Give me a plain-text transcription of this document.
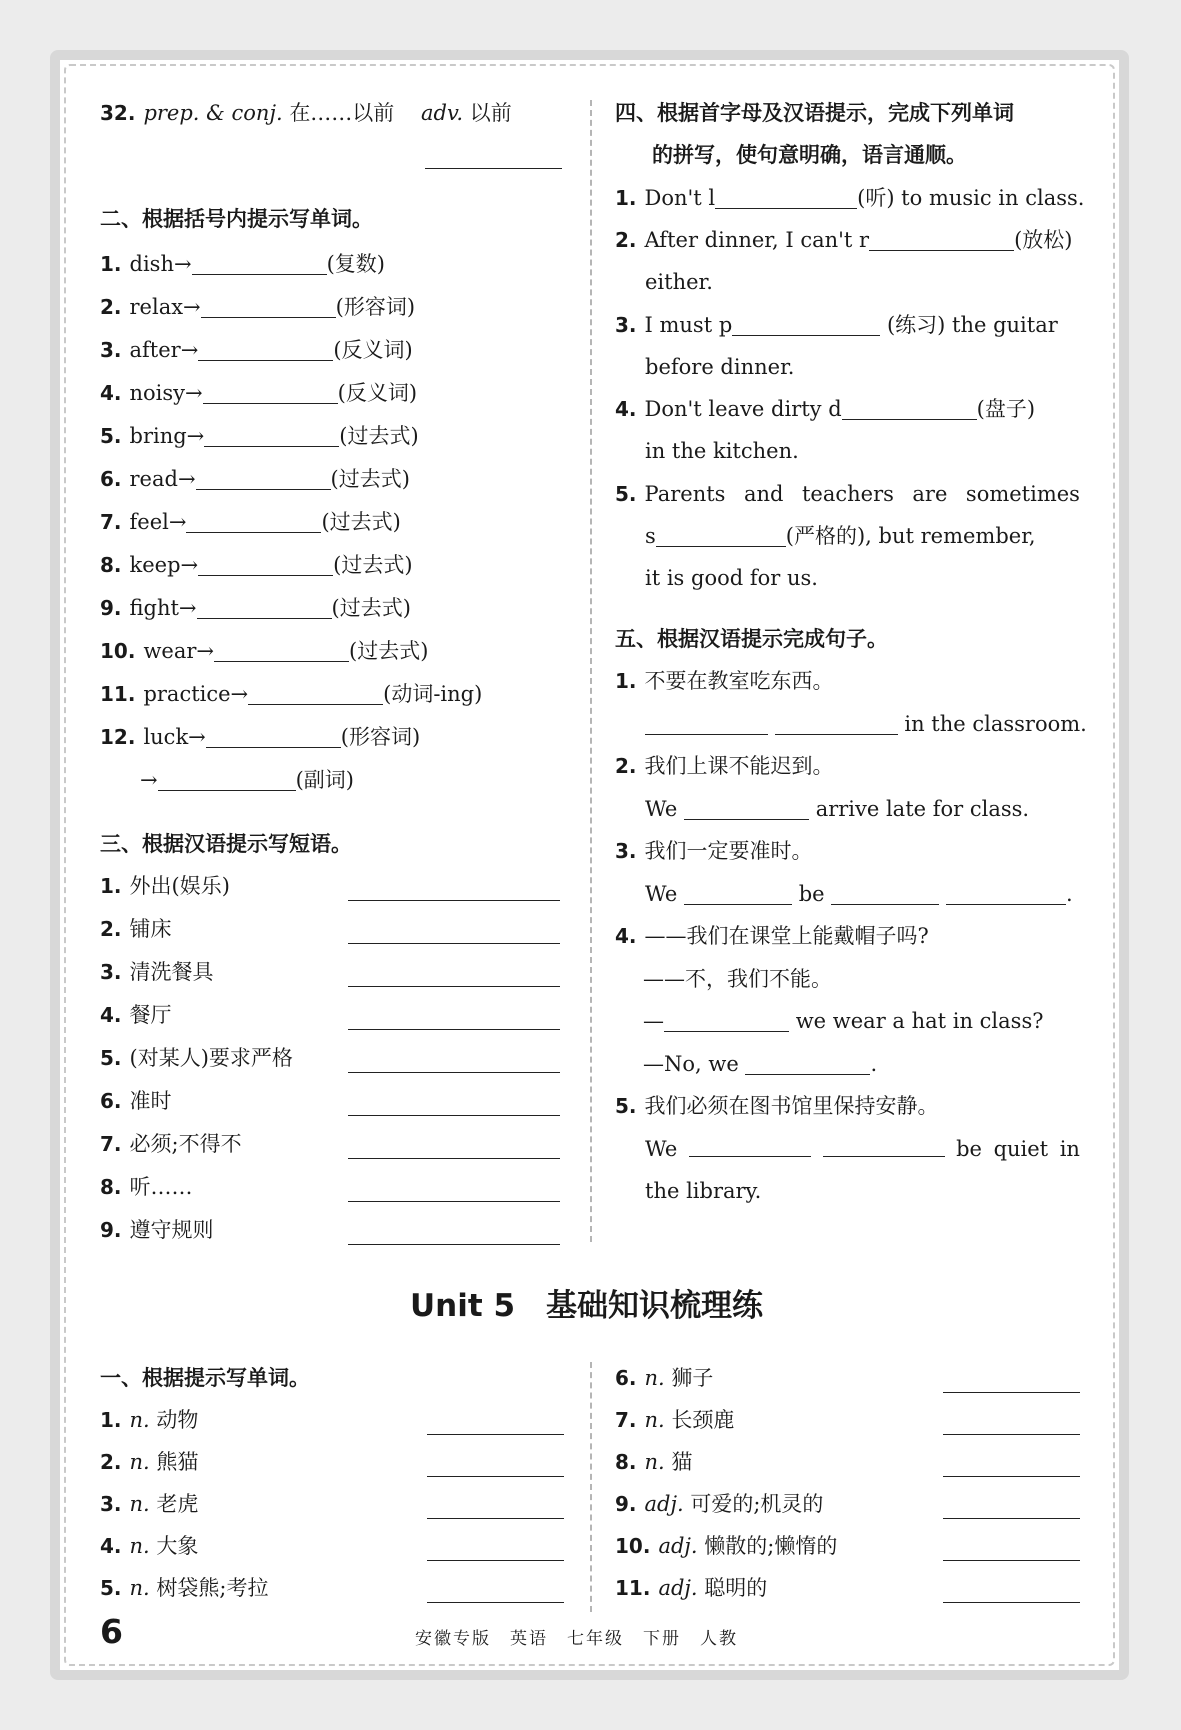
32. prep. & conj. 在……以前 adv. 以前
二、根据括号内提示写单词。
1. dish→	(复数)
2. relax→	(形容词)
3. after→	(反义词)
4. noisy→	(反义词)
5. bring→	(过去式)
6. read→	(过去式)
7. feel→	(过去式)
8. keep→	(过去式)
9. fight→	(过去式)
10. wear→	(过去式)
11. practice→	(动词-ing)
12. luck→	(形容词)
→	(副词)
三、根据汉语提示写短语。
1. 外出(娱乐)
2. 铺床
3. 清洗餐具
4. 餐厅
5. (对某人)要求严格
6. 准时
7. 必须;不得不
8. 听……
9. 遵守规则
四、根据首字母及汉语提示，完成下列单词
的拼写，使句意明确，语言通顺。
1. Don't l	(听) to music in class.
2. After dinner, I can't r	(放松)
either.
3. I must p	(练习) the guitar
before dinner.
4. Don't leave dirty d	(盘子)
in the kitchen.
5. Parents and teachers are sometimes
s	(严格的), but remember,
it is good for us.
五、根据汉语提示完成句子。
1. 不要在教室吃东西。
in the classroom.
2. 我们上课不能迟到。
We	arrive late for class.
3. 我们一定要准时。
We	be	.
4. ——我们在课堂上能戴帽子吗?
——不，我们不能。
—	we wear a hat in class?
—No, we	.
5. 我们必须在图书馆里保持安静。
We	be quiet in
the library.
Unit 5　基础知识梳理练
一、根据提示写单词。
1. n. 动物
2. n. 熊猫
3. n. 老虎
4. n. 大象
5. n. 树袋熊;考拉
6. n. 狮子
7. n. 长颈鹿
8. n. 猫
9. adj. 可爱的;机灵的
10. adj. 懒散的;懒惰的
11. adj. 聪明的
6	安徽专版　英语　七年级　下册　人教
